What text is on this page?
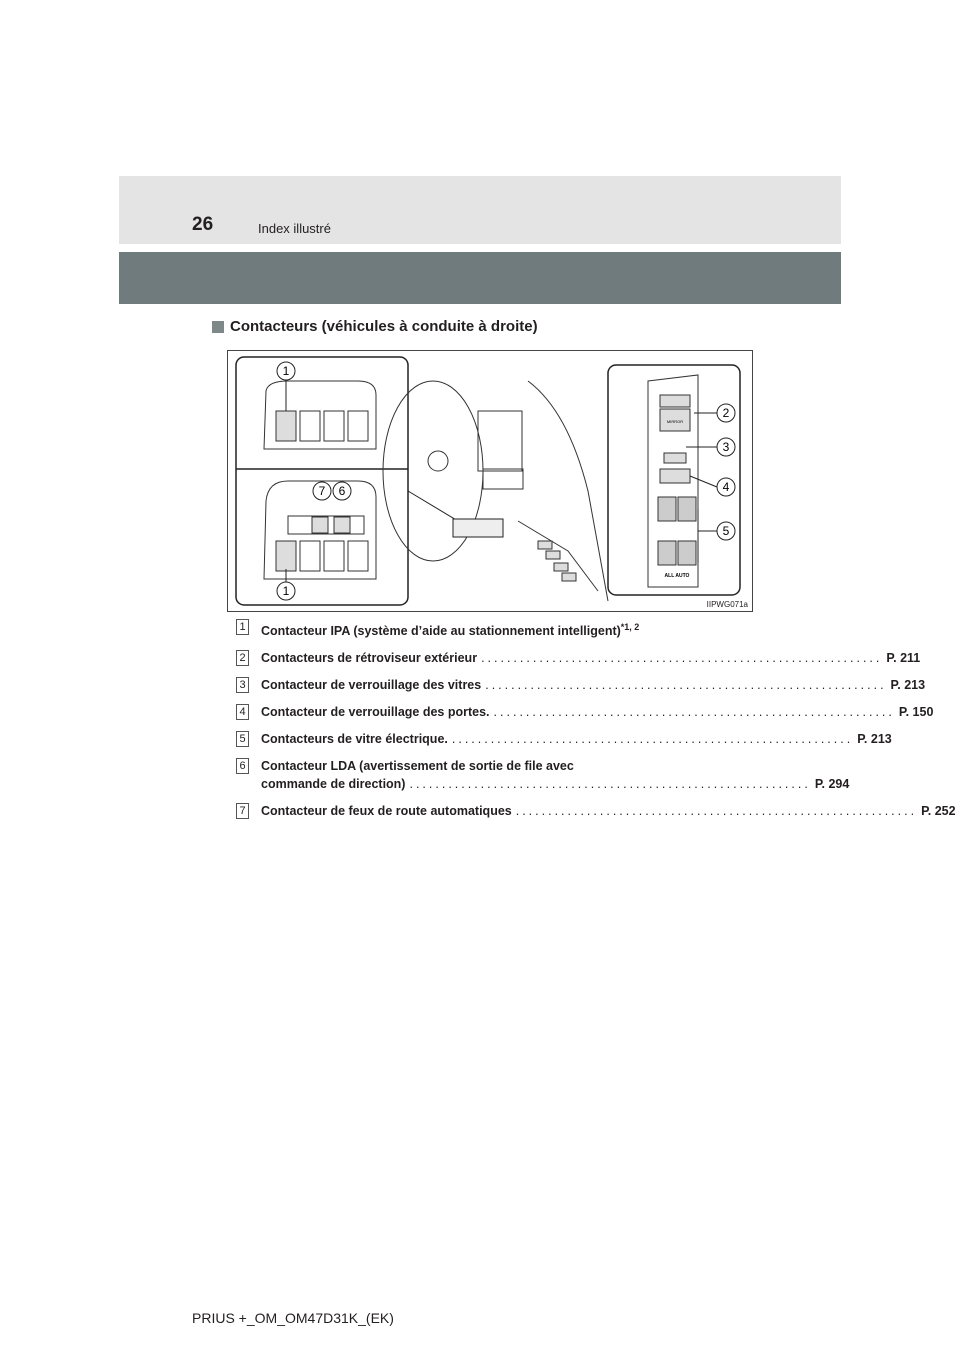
26	Index illustré
Contacteurs (véhicules à conduite à droite)
MIRROR
ALL AUTO
1
2
3
4
5
6
7
1
IIPWG071a
1 Contacteur IPA (système d’aide au stationnement intelligent)$^{*1, 2}$
2 Contacteurs de rétroviseur extérieur .............................................................. P. 211
3 Contacteur de verrouillage des vitres .............................................................. P. 213
4 Contacteur de verrouillage des portes. .............................................................. P. 150
5 Contacteurs de vitre électrique. .............................................................. P. 213
6 Contacteur LDA (avertissement de sortie de file avec
commande de direction) .............................................................. P. 294
7 Contacteur de feux de route automatiques .............................................................. P. 252
PRIUS +_OM_OM47D31K_(EK)
